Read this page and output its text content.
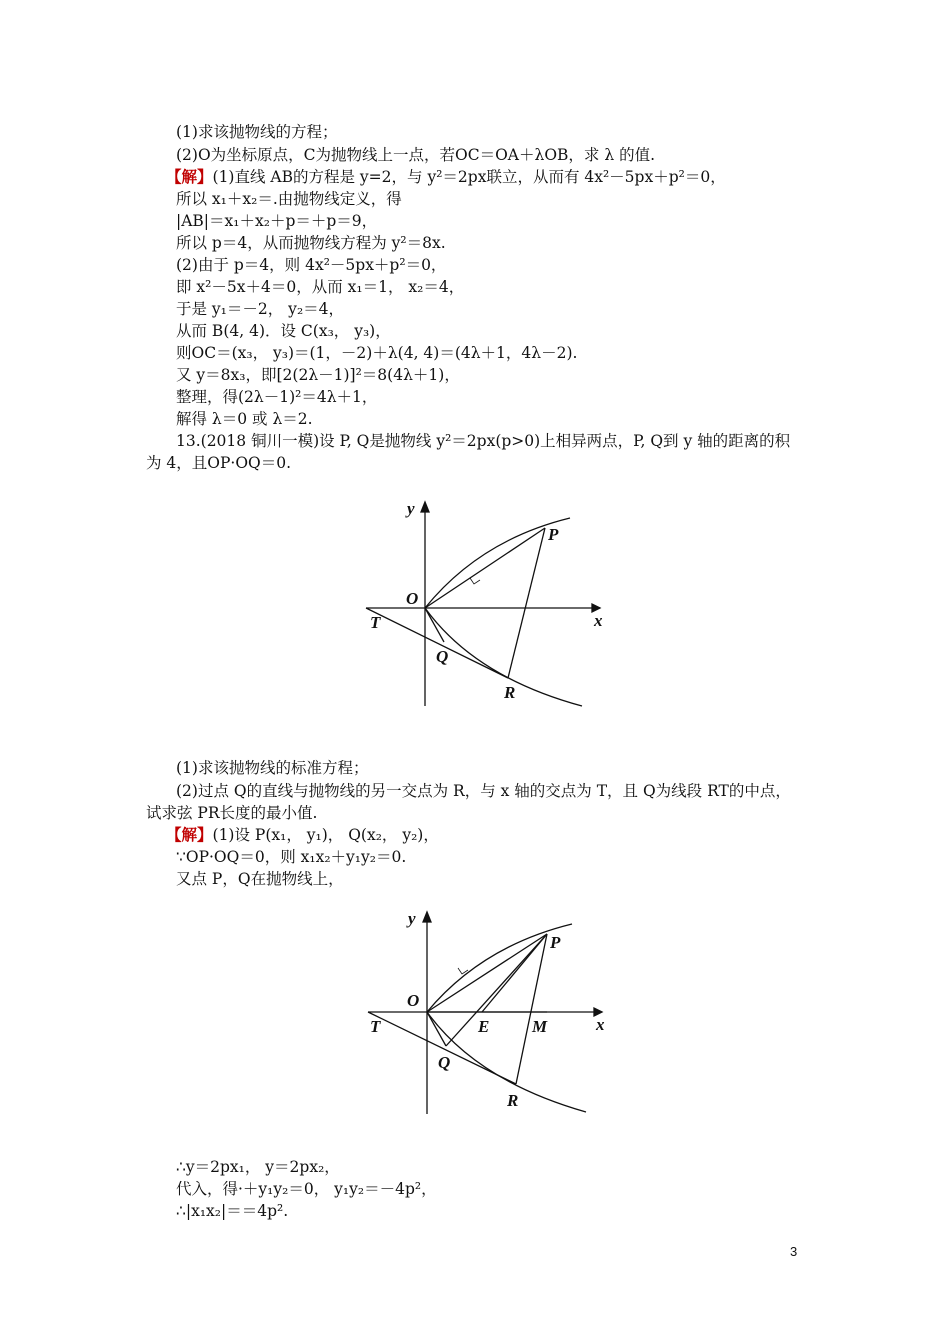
(1)求该抛物线的方程；
(2)O为坐标原点，C为抛物线上一点，若OC＝OA＋λOB，求 λ 的值.
【解】(1)直线 AB的方程是 y=2，与 y²＝2px联立，从而有 4x²－5px＋p²＝0，
所以 x₁＋x₂＝.由抛物线定义，得
|AB|＝x₁＋x₂＋p＝＋p＝9，
所以 p＝4，从而抛物线方程为 y²＝8x.
(2)由于 p＝4，则 4x²－5px＋p²＝0，
即 x²－5x＋4＝0，从而 x₁＝1， x₂＝4，
于是 y₁＝－2， y₂＝4，
从而 B(4, 4)．设 C(x₃， y₃)，
则OC＝(x₃， y₃)＝(1，－2)＋λ(4, 4)＝(4λ＋1，4λ－2).
又 y＝8x₃，即[2(2λ－1)]²＝8(4λ＋1)，
整理，得(2λ－1)²＝4λ＋1，
解得 λ＝0 或 λ＝2.
13.(2018 铜川一模)设 P, Q是抛物线 y²＝2px(p>0)上相异两点，P, Q到 y 轴的距离的积
为 4，且OP·OQ＝0.
y
x
O
P
T
Q
R
(1)求该抛物线的标准方程；
(2)过点 Q的直线与抛物线的另一交点为 R，与 x 轴的交点为 T，且 Q为线段 RT的中点，
试求弦 PR长度的最小值.
【解】(1)设 P(x₁， y₁)， Q(x₂， y₂)，
∵OP·OQ＝0，则 x₁x₂＋y₁y₂＝0.
又点 P，Q在抛物线上，
y
x
O
P
T	E	M
Q
R
∴y＝2px₁， y＝2px₂，
代入，得·＋y₁y₂＝0， y₁y₂＝－4p²，
∴|x₁x₂|＝＝4p².
3
